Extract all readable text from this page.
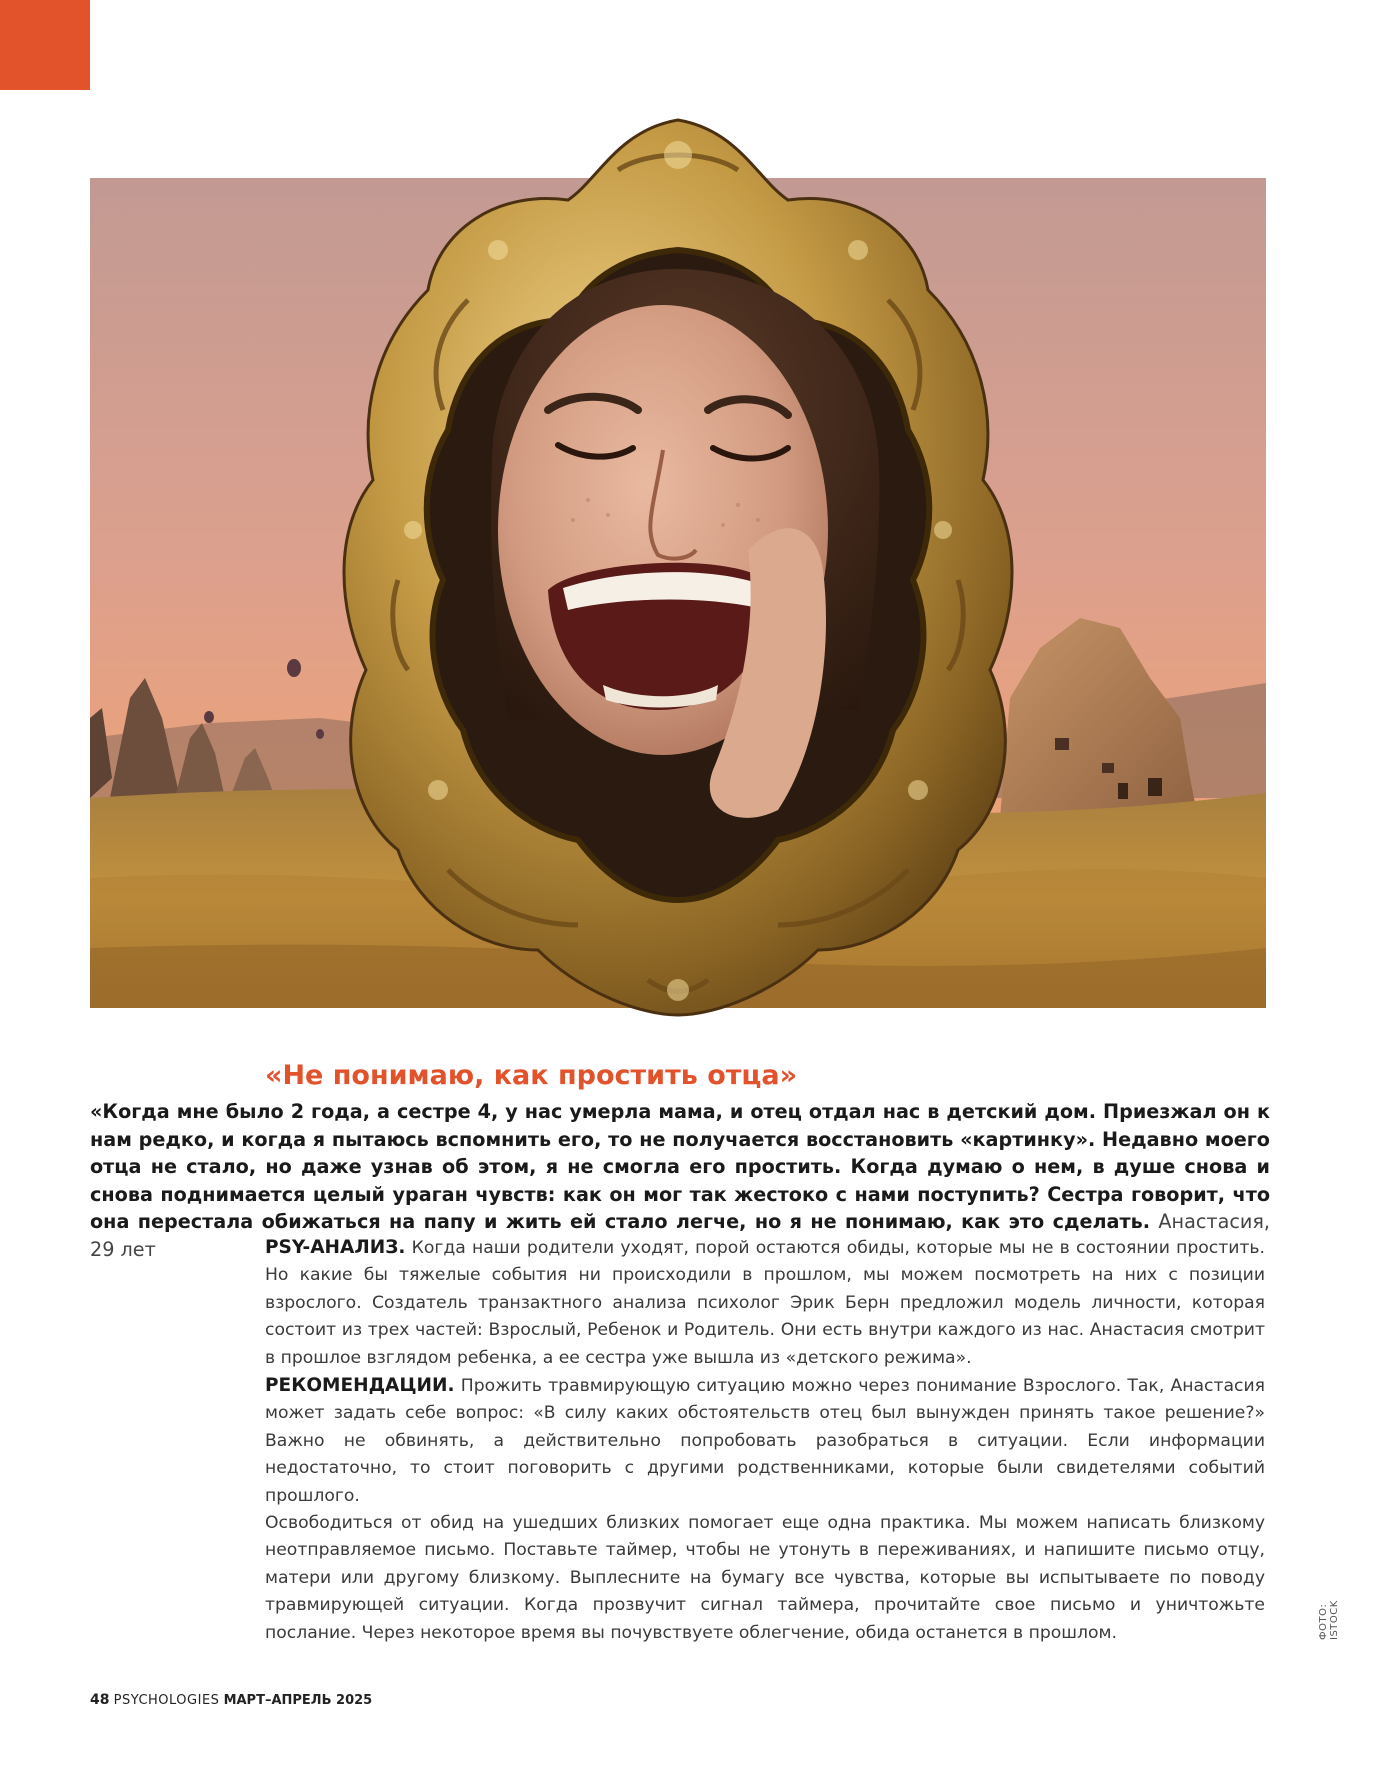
«Не понимаю, как простить отца»

«Когда мне было 2 года, а сестре 4, у нас умерла мама, и отец отдал нас в детский дом. Приезжал он к нам редко, и когда я пытаюсь вспомнить его, то не получается восстановить «картинку». Недавно моего отца не стало, но даже узнав об этом, я не смогла его простить. Когда думаю о нем, в душе снова и снова поднимается целый ураган чувств: как он мог так жестоко с нами поступить? Сестра говорит, что она перестала обижаться на папу и жить ей стало легче, но я не понимаю, как это сделать. Анастасия, 29 лет	PSY-АНАЛИЗ. Когда наши родители уходят, порой остаются обиды, которые мы не в состоянии простить. Но какие бы тяжелые события ни происходили в прошлом, мы можем посмотреть на них с позиции взрослого. Создатель транзактного анализа психолог Эрик Берн предложил модель личности, которая состоит из трех частей: Взрослый, Ребенок и Родитель. Они есть внутри каждого из нас. Анастасия смотрит в прошлое взглядом ребенка, а ее сестра уже вышла из «детского режима».

РЕКОМЕНДАЦИИ. Прожить травмирующую ситуацию можно через понимание Взрослого. Так, Анастасия может задать себе вопрос: «В силу каких обстоятельств отец был вынужден принять такое решение?» Важно не обвинять, а действительно попробовать разобраться в ситуации. Если информации недостаточно, то стоит поговорить с другими родственниками, которые были свидетелями событий прошлого.

Освободиться от обид на ушедших близких помогает еще одна практика. Мы можем написать близкому неотправляемое письмо. Поставьте таймер, чтобы не утонуть в переживаниях, и напишите письмо отцу, матери или другому близкому. Выплесните на бумагу все чувства, которые вы испытываете по поводу травмирующей ситуации. Когда прозвучит сигнал таймера, прочитайте свое письмо и уничтожьте послание. Через некоторое время вы почувствуете облегчение, обида останется в прошлом.	ФОТО: ISTOCK
48 PSYCHOLOGIES МАРТ–АПРЕЛЬ 2025
